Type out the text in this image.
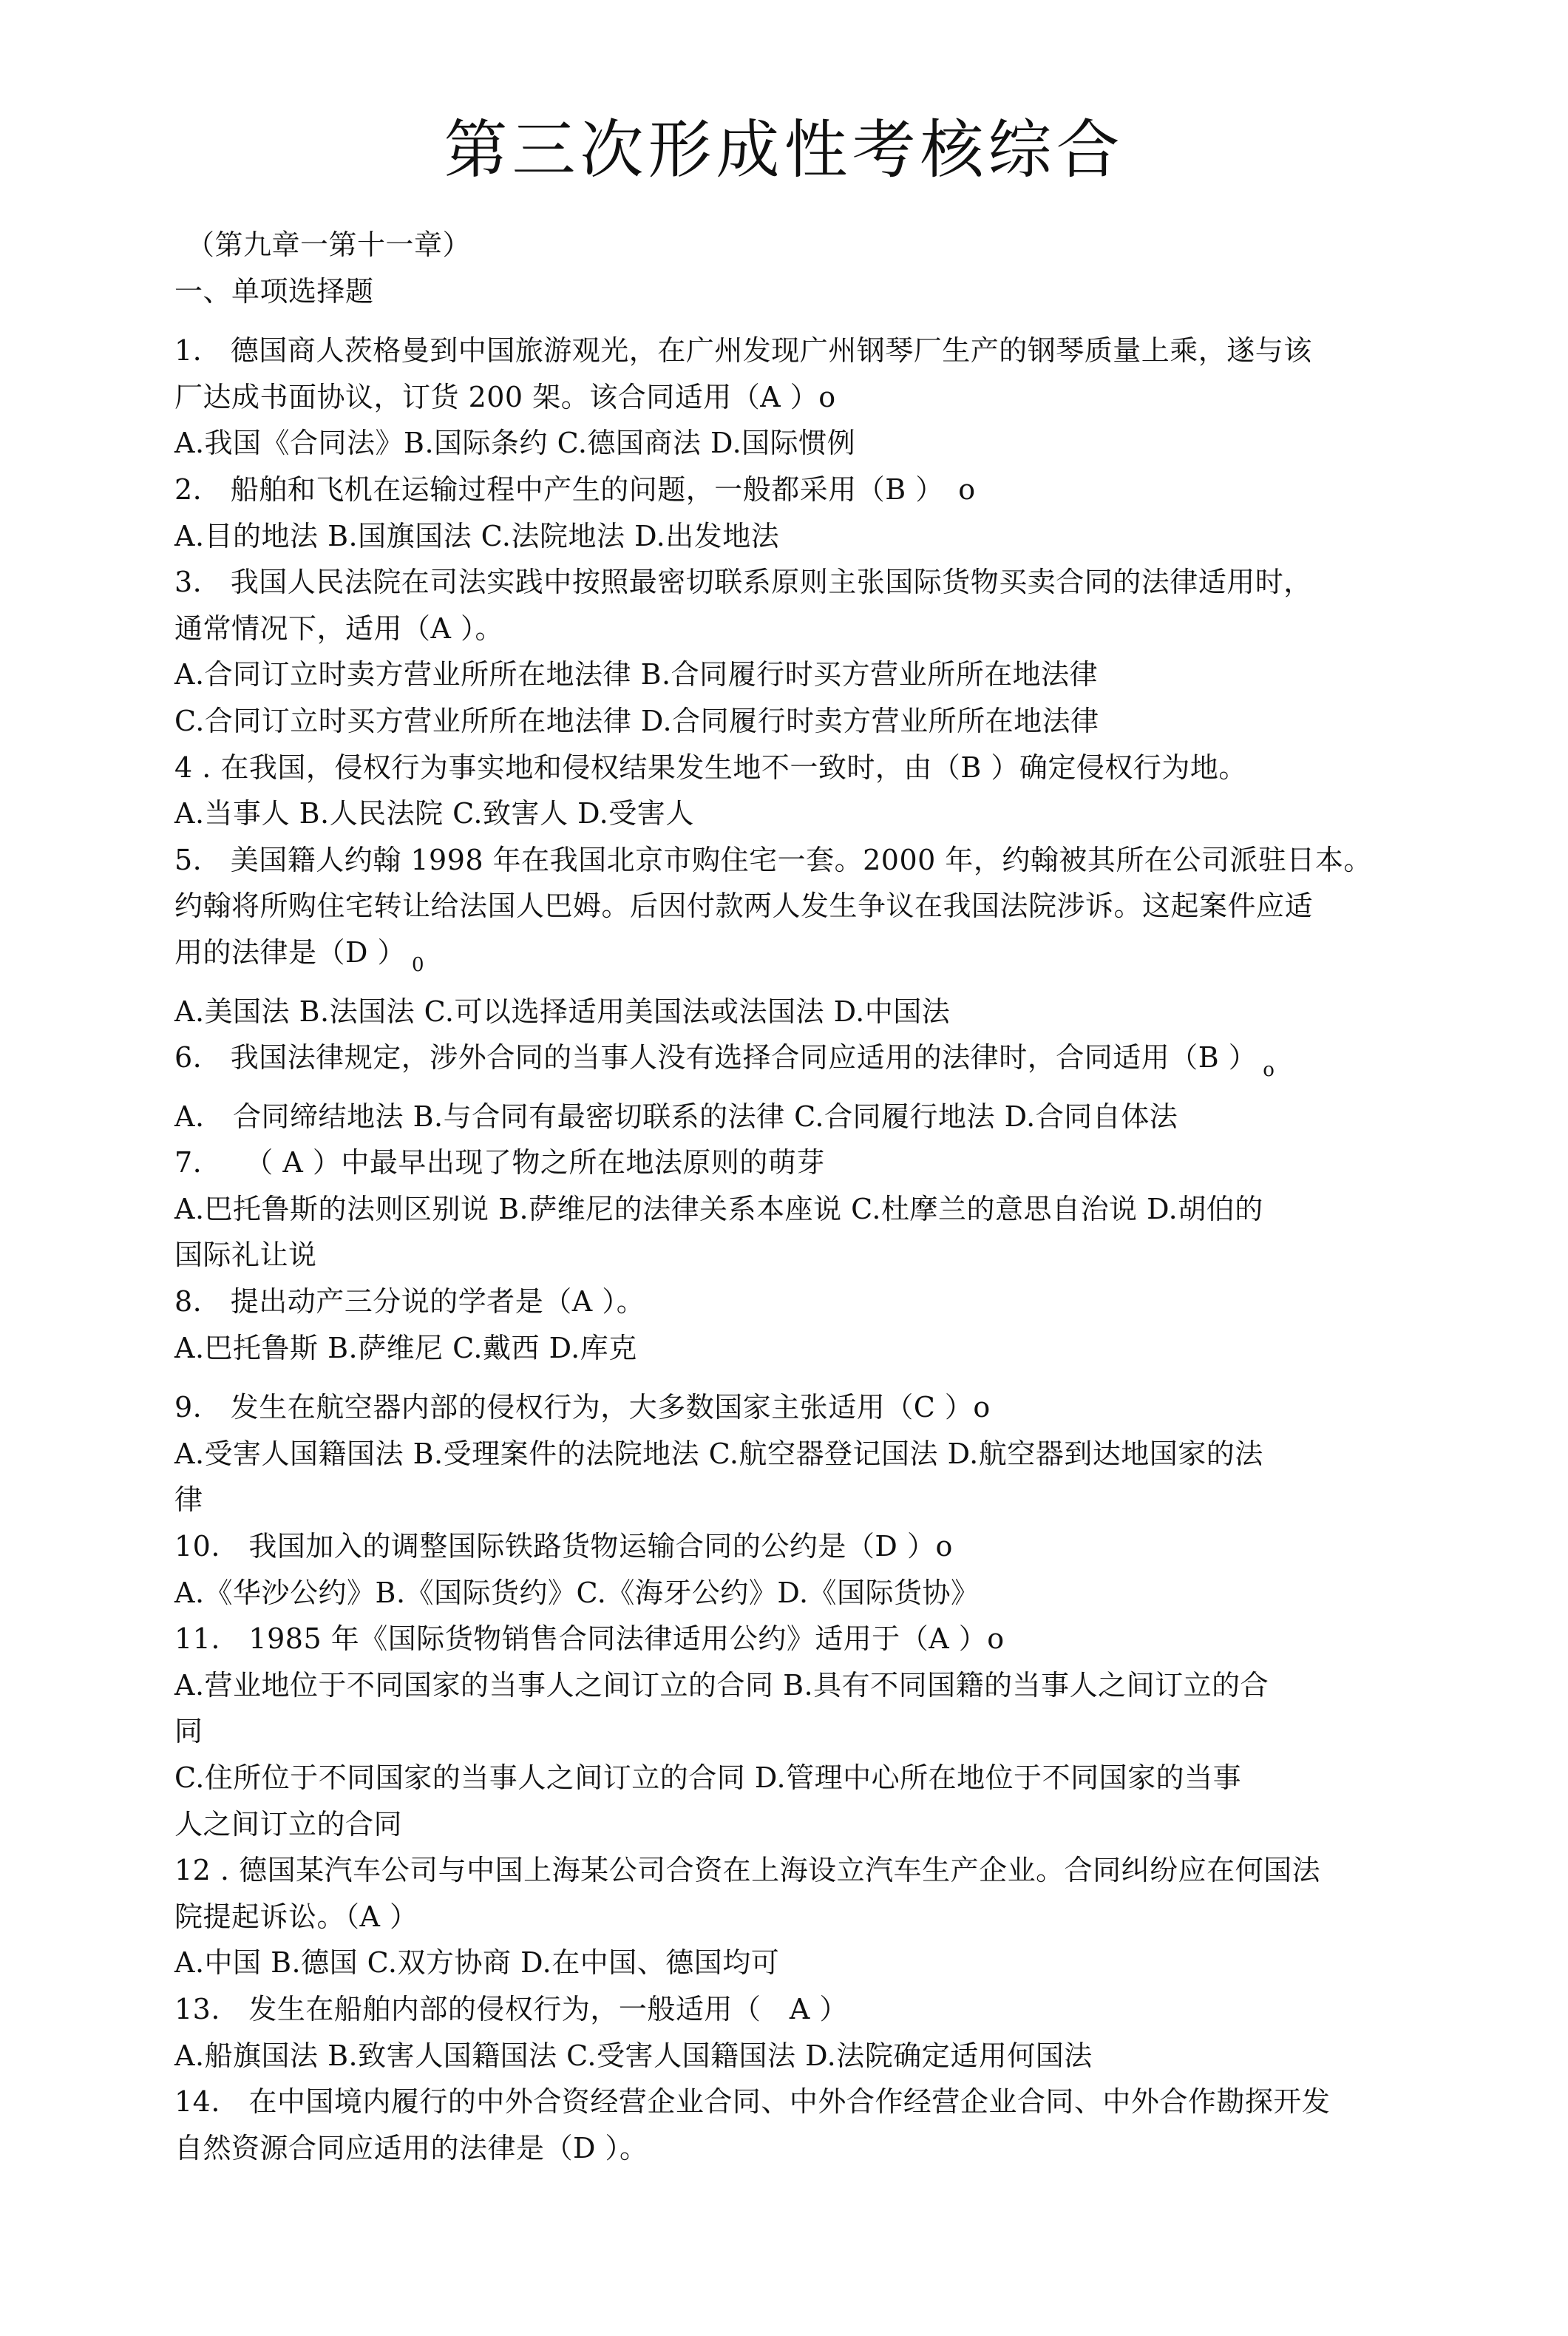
第三次形成性考核综合
（第九章一第十一章）
一、单项选择题
1.　德国商人茨格曼到中国旅游观光，在广州发现广州钢琴厂生产的钢琴质量上乘，遂与该
厂达成书面协议，订货 200 架。该合同适用（A ）o
A.我国《合同法》B.国际条约 C.德国商法 D.国际惯例
2.　船舶和飞机在运输过程中产生的问题，一般都采用（B ）　o
A.目的地法 B.国旗国法 C.法院地法 D.出发地法
3.　我国人民法院在司法实践中按照最密切联系原则主张国际货物买卖合同的法律适用时，
通常情况下，适用（A ）。
A.合同订立时卖方营业所所在地法律 B.合同履行时买方营业所所在地法律
C.合同订立时买方营业所所在地法律 D.合同履行时卖方营业所所在地法律
4 . 在我国，侵权行为事实地和侵权结果发生地不一致时，由（B ）确定侵权行为地。
A.当事人 B.人民法院 C.致害人 D.受害人
5.　美国籍人约翰 1998 年在我国北京市购住宅一套。2000 年，约翰被其所在公司派驻日本。
约翰将所购住宅转让给法国人巴姆。后因付款两人发生争议在我国法院涉诉。这起案件应适
用的法律是（D ） $_0$
A.美国法 B.法国法 C.可以选择适用美国法或法国法 D.中国法
6.　我国法律规定，涉外合同的当事人没有选择合同应适用的法律时，合同适用（B ） $_o$
A.　合同缔结地法 B.与合同有最密切联系的法律 C.合同履行地法 D.合同自体法
7.　　（ A ）中最早出现了物之所在地法原则的萌芽
A.巴托鲁斯的法则区别说 B.萨维尼的法律关系本座说 C.杜摩兰的意思自治说 D.胡伯的
国际礼让说
8.　提出动产三分说的学者是（A ）。
A.巴托鲁斯 B.萨维尼 C.戴西 D.库克
9.　发生在航空器内部的侵权行为，大多数国家主张适用（C ）o
A.受害人国籍国法 B.受理案件的法院地法 C.航空器登记国法 D.航空器到达地国家的法
律
10.　我国加入的调整国际铁路货物运输合同的公约是（D ）o
A.《华沙公约》B.《国际货约》C.《海牙公约》D.《国际货协》
11.　1985 年《国际货物销售合同法律适用公约》适用于（A ）o
A.营业地位于不同国家的当事人之间订立的合同 B.具有不同国籍的当事人之间订立的合
同
C.住所位于不同国家的当事人之间订立的合同 D.管理中心所在地位于不同国家的当事
人之间订立的合同
12 . 德国某汽车公司与中国上海某公司合资在上海设立汽车生产企业。合同纠纷应在何国法
院提起诉讼。（A ）
A.中国 B.德国 C.双方协商 D.在中国、德国均可
13.　发生在船舶内部的侵权行为，一般适用（　A ）
A.船旗国法 B.致害人国籍国法 C.受害人国籍国法 D.法院确定适用何国法
14.　在中国境内履行的中外合资经营企业合同、中外合作经营企业合同、中外合作勘探开发
自然资源合同应适用的法律是（D ）。
